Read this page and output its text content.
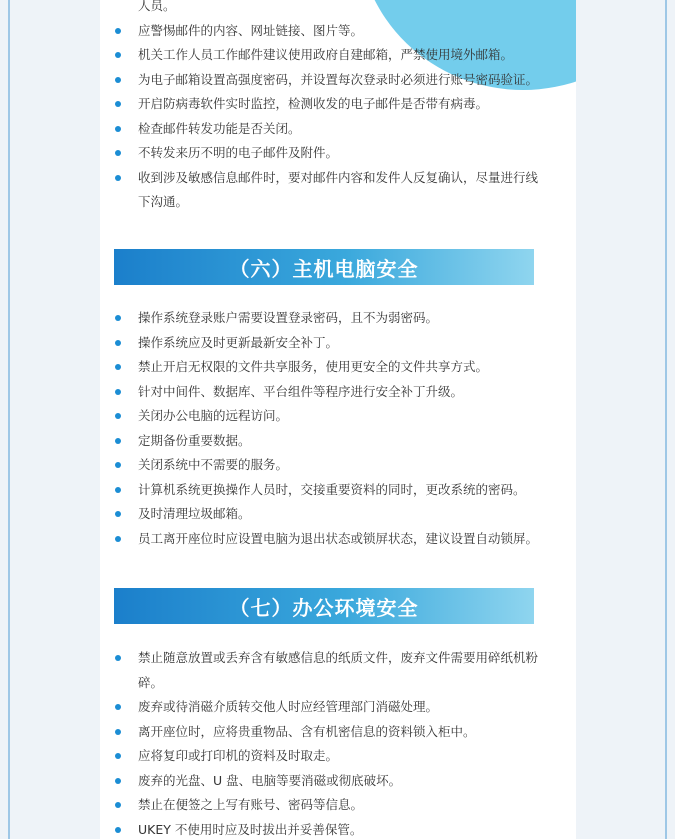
人员。
应警惕邮件的内容、网址链接、图片等。
机关工作人员工作邮件建议使用政府自建邮箱，严禁使用境外邮箱。
为电子邮箱设置高强度密码，并设置每次登录时必须进行账号密码验证。
开启防病毒软件实时监控，检测收发的电子邮件是否带有病毒。
检查邮件转发功能是否关闭。
不转发来历不明的电子邮件及附件。
收到涉及敏感信息邮件时，要对邮件内容和发件人反复确认，尽量进行线下沟通。
（六）主机电脑安全
操作系统登录账户需要设置登录密码，且不为弱密码。
操作系统应及时更新最新安全补丁。
禁止开启无权限的文件共享服务，使用更安全的文件共享方式。
针对中间件、数据库、平台组件等程序进行安全补丁升级。
关闭办公电脑的远程访问。
定期备份重要数据。
关闭系统中不需要的服务。
计算机系统更换操作人员时，交接重要资料的同时，更改系统的密码。
及时清理垃圾邮箱。
员工离开座位时应设置电脑为退出状态或锁屏状态，建议设置自动锁屏。
（七）办公环境安全
禁止随意放置或丢弃含有敏感信息的纸质文件，废弃文件需要用碎纸机粉碎。
废弃或待消磁介质转交他人时应经管理部门消磁处理。
离开座位时，应将贵重物品、含有机密信息的资料锁入柜中。
应将复印或打印机的资料及时取走。
废弃的光盘、U 盘、电脑等要消磁或彻底破坏。
禁止在便签之上写有账号、密码等信息。
UKEY 不使用时应及时拔出并妥善保管。
